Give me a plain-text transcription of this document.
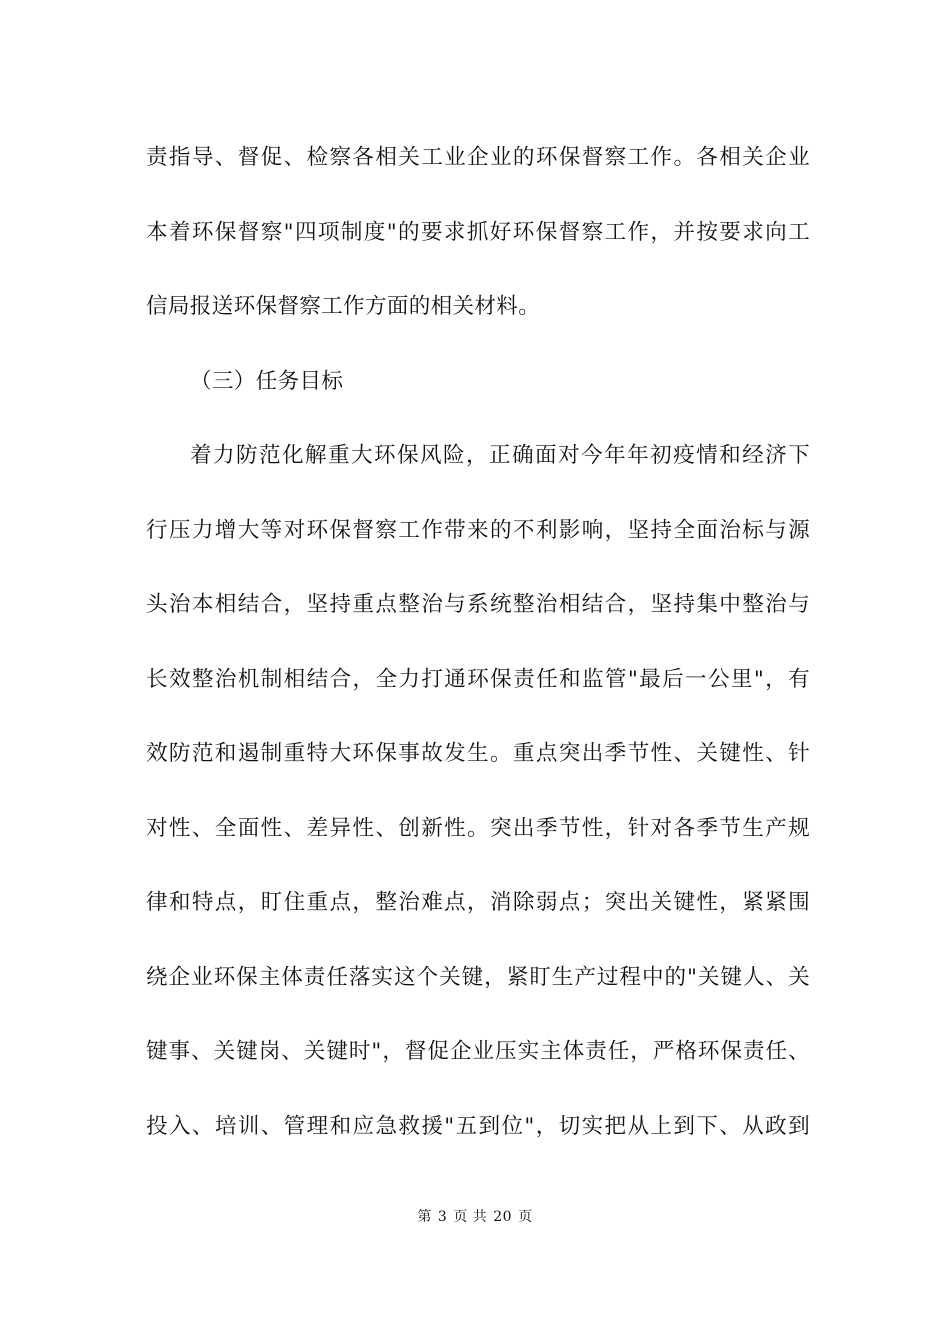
责指导、督促、检察各相关工业企业的环保督察工作。各相关企业
本着环保督察"四项制度"的要求抓好环保督察工作，并按要求向工
信局报送环保督察工作方面的相关材料。
（三）任务目标
着力防范化解重大环保风险，正确面对今年年初疫情和经济下
行压力增大等对环保督察工作带来的不利影响，坚持全面治标与源
头治本相结合，坚持重点整治与系统整治相结合，坚持集中整治与
长效整治机制相结合，全力打通环保责任和监管"最后一公里"，有
效防范和遏制重特大环保事故发生。重点突出季节性、关键性、针
对性、全面性、差异性、创新性。突出季节性，针对各季节生产规
律和特点，盯住重点，整治难点，消除弱点；突出关键性，紧紧围
绕企业环保主体责任落实这个关键，紧盯生产过程中的"关键人、关
键事、关键岗、关键时"，督促企业压实主体责任，严格环保责任、
投入、培训、管理和应急救援"五到位"，切实把从上到下、从政到
第 3 页 共 20 页
